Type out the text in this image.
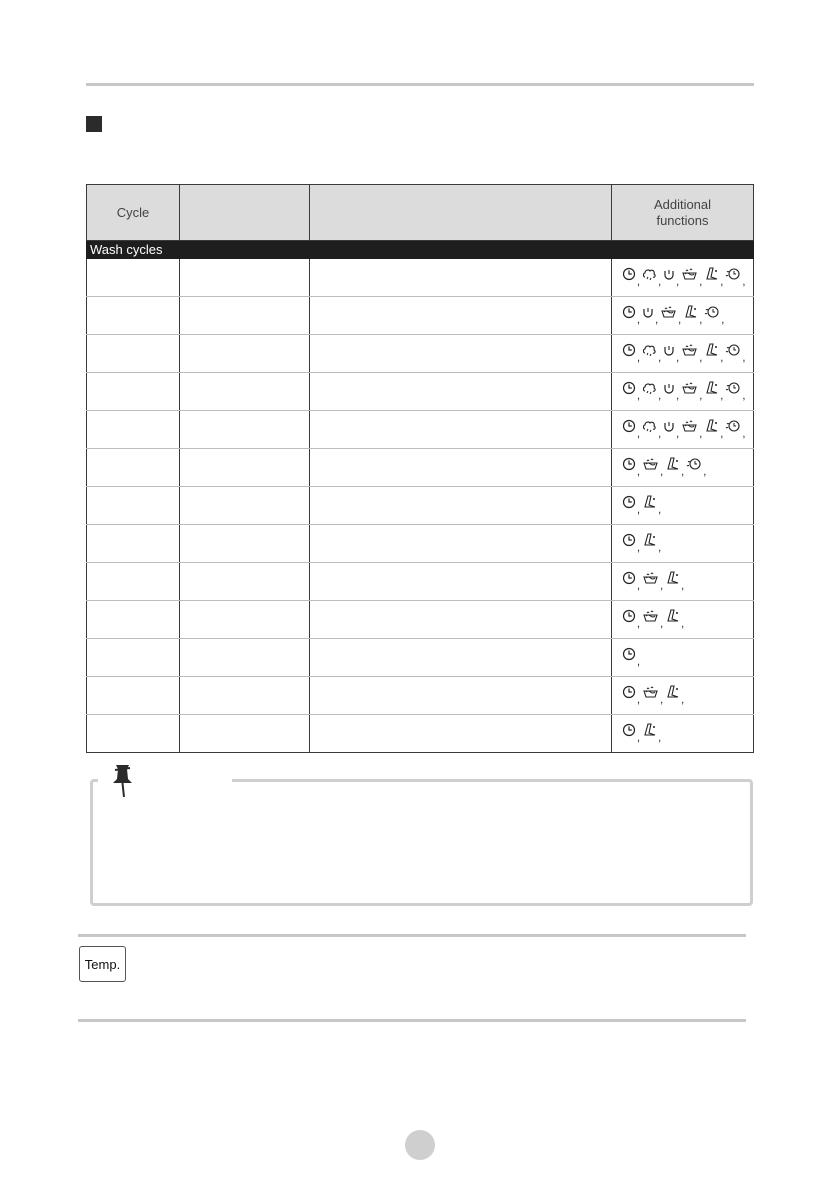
Cycle			Additional functions

Wash cycles			
			, , , , , ,
			, , , , ,
			, , , , , ,
			, , , , , ,
			, , , , , ,
			, , , ,
			, ,
			, ,
			, , ,
			, , ,
			,
			, , ,
			, ,
Temp.
